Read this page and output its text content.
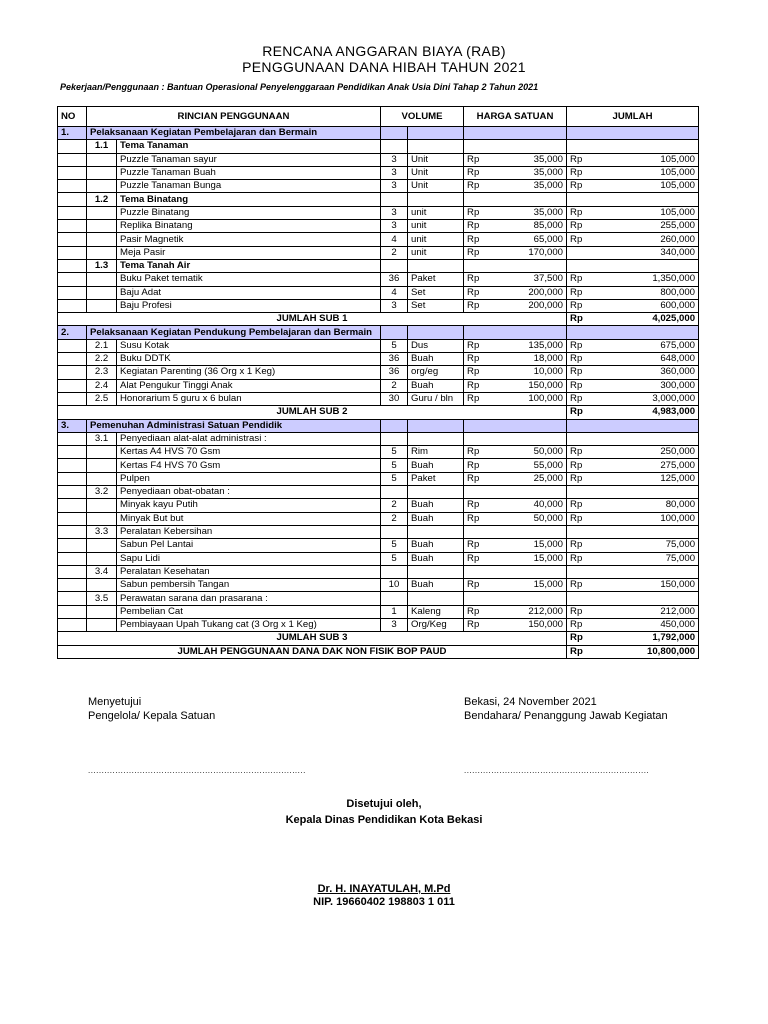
RENCANA ANGGARAN BIAYA (RAB)
PENGGUNAAN DANA HIBAH TAHUN 2021
Pekerjaan/Penggunaan : Bantuan Operasional Penyelenggaraan Pendidikan Anak Usia Dini Tahap 2 Tahun 2021
NO	RINCIAN PENGGUNAAN		VOLUME		HARGA SATUAN		JUMLAH	
1.	Pelaksanaan Kegiatan Pembelajaran dan Bermain							
	1.1	Tema Tanaman						
		Puzzle Tanaman sayur	3	Unit	Rp	35,000	Rp	105,000
		Puzzle Tanaman Buah	3	Unit	Rp	35,000	Rp	105,000
		Puzzle Tanaman Bunga	3	Unit	Rp	35,000	Rp	105,000
	1.2	Tema Binatang						
		Puzzle Binatang	3	unit	Rp	35,000	Rp	105,000
		Replika Binatang	3	unit	Rp	85,000	Rp	255,000
		Pasir Magnetik	4	unit	Rp	65,000	Rp	260,000
		Meja Pasir	2	unit	Rp	170,000		340,000
	1.3	Tema Tanah Air						
		Buku Paket tematik	36	Paket	Rp	37,500	Rp	1,350,000
		Baju Adat	4	Set	Rp	200,000	Rp	800,000
		Baju Profesi	3	Set	Rp	200,000	Rp	600,000
JUMLAH SUB 1							Rp	4,025,000
2.	Pelaksanaan Kegiatan Pendukung Pembelajaran dan Bermain							
	2.1	Susu Kotak	5	Dus	Rp	135,000	Rp	675,000
	2.2	Buku DDTK	36	Buah	Rp	18,000	Rp	648,000
	2.3	Kegiatan Parenting (36 Org x 1 Keg)	36	org/eg	Rp	10,000	Rp	360,000
	2.4	Alat Pengukur Tinggi Anak	2	Buah	Rp	150,000	Rp	300,000
	2.5	Honorarium 5 guru x 6 bulan	30	Guru / bln	Rp	100,000	Rp	3,000,000
JUMLAH SUB 2							Rp	4,983,000
3.	Pemenuhan Administrasi Satuan Pendidik							
	3.1	Penyediaan alat-alat administrasi :						
		Kertas A4 HVS 70 Gsm	5	Rim	Rp	50,000	Rp	250,000
		Kertas F4 HVS 70 Gsm	5	Buah	Rp	55,000	Rp	275,000
		Pulpen	5	Paket	Rp	25,000	Rp	125,000
	3.2	Penyediaan obat-obatan :						
		Minyak kayu Putih	2	Buah	Rp	40,000	Rp	80,000
		Minyak But but	2	Buah	Rp	50,000	Rp	100,000
	3.3	Peralatan Kebersihan						
		Sabun Pel Lantai	5	Buah	Rp	15,000	Rp	75,000
		Sapu Lidi	5	Buah	Rp	15,000	Rp	75,000
	3.4	Peralatan Kesehatan						
		Sabun pembersih Tangan	10	Buah	Rp	15,000	Rp	150,000
	3.5	Perawatan sarana dan prasarana :						
		Pembelian Cat	1	Kaleng	Rp	212,000	Rp	212,000
		Pembiayaan Upah Tukang cat (3 Org x 1 Keg)	3	Org/Keg	Rp	150,000	Rp	450,000
JUMLAH SUB 3							Rp	1,792,000
JUMLAH PENGGUNAAN DANA DAK NON FISIK BOP PAUD							Rp	10,800,000
Menyetujui
Pengelola/ Kepala Satuan
Bekasi, 24 November 2021
Bendahara/ Penanggung Jawab Kegiatan
................................................................................	....................................................................
Disetujui oleh,
Kepala Dinas Pendidikan Kota Bekasi
Dr. H. INAYATULAH, M.Pd
NIP. 19660402 198803 1 011
